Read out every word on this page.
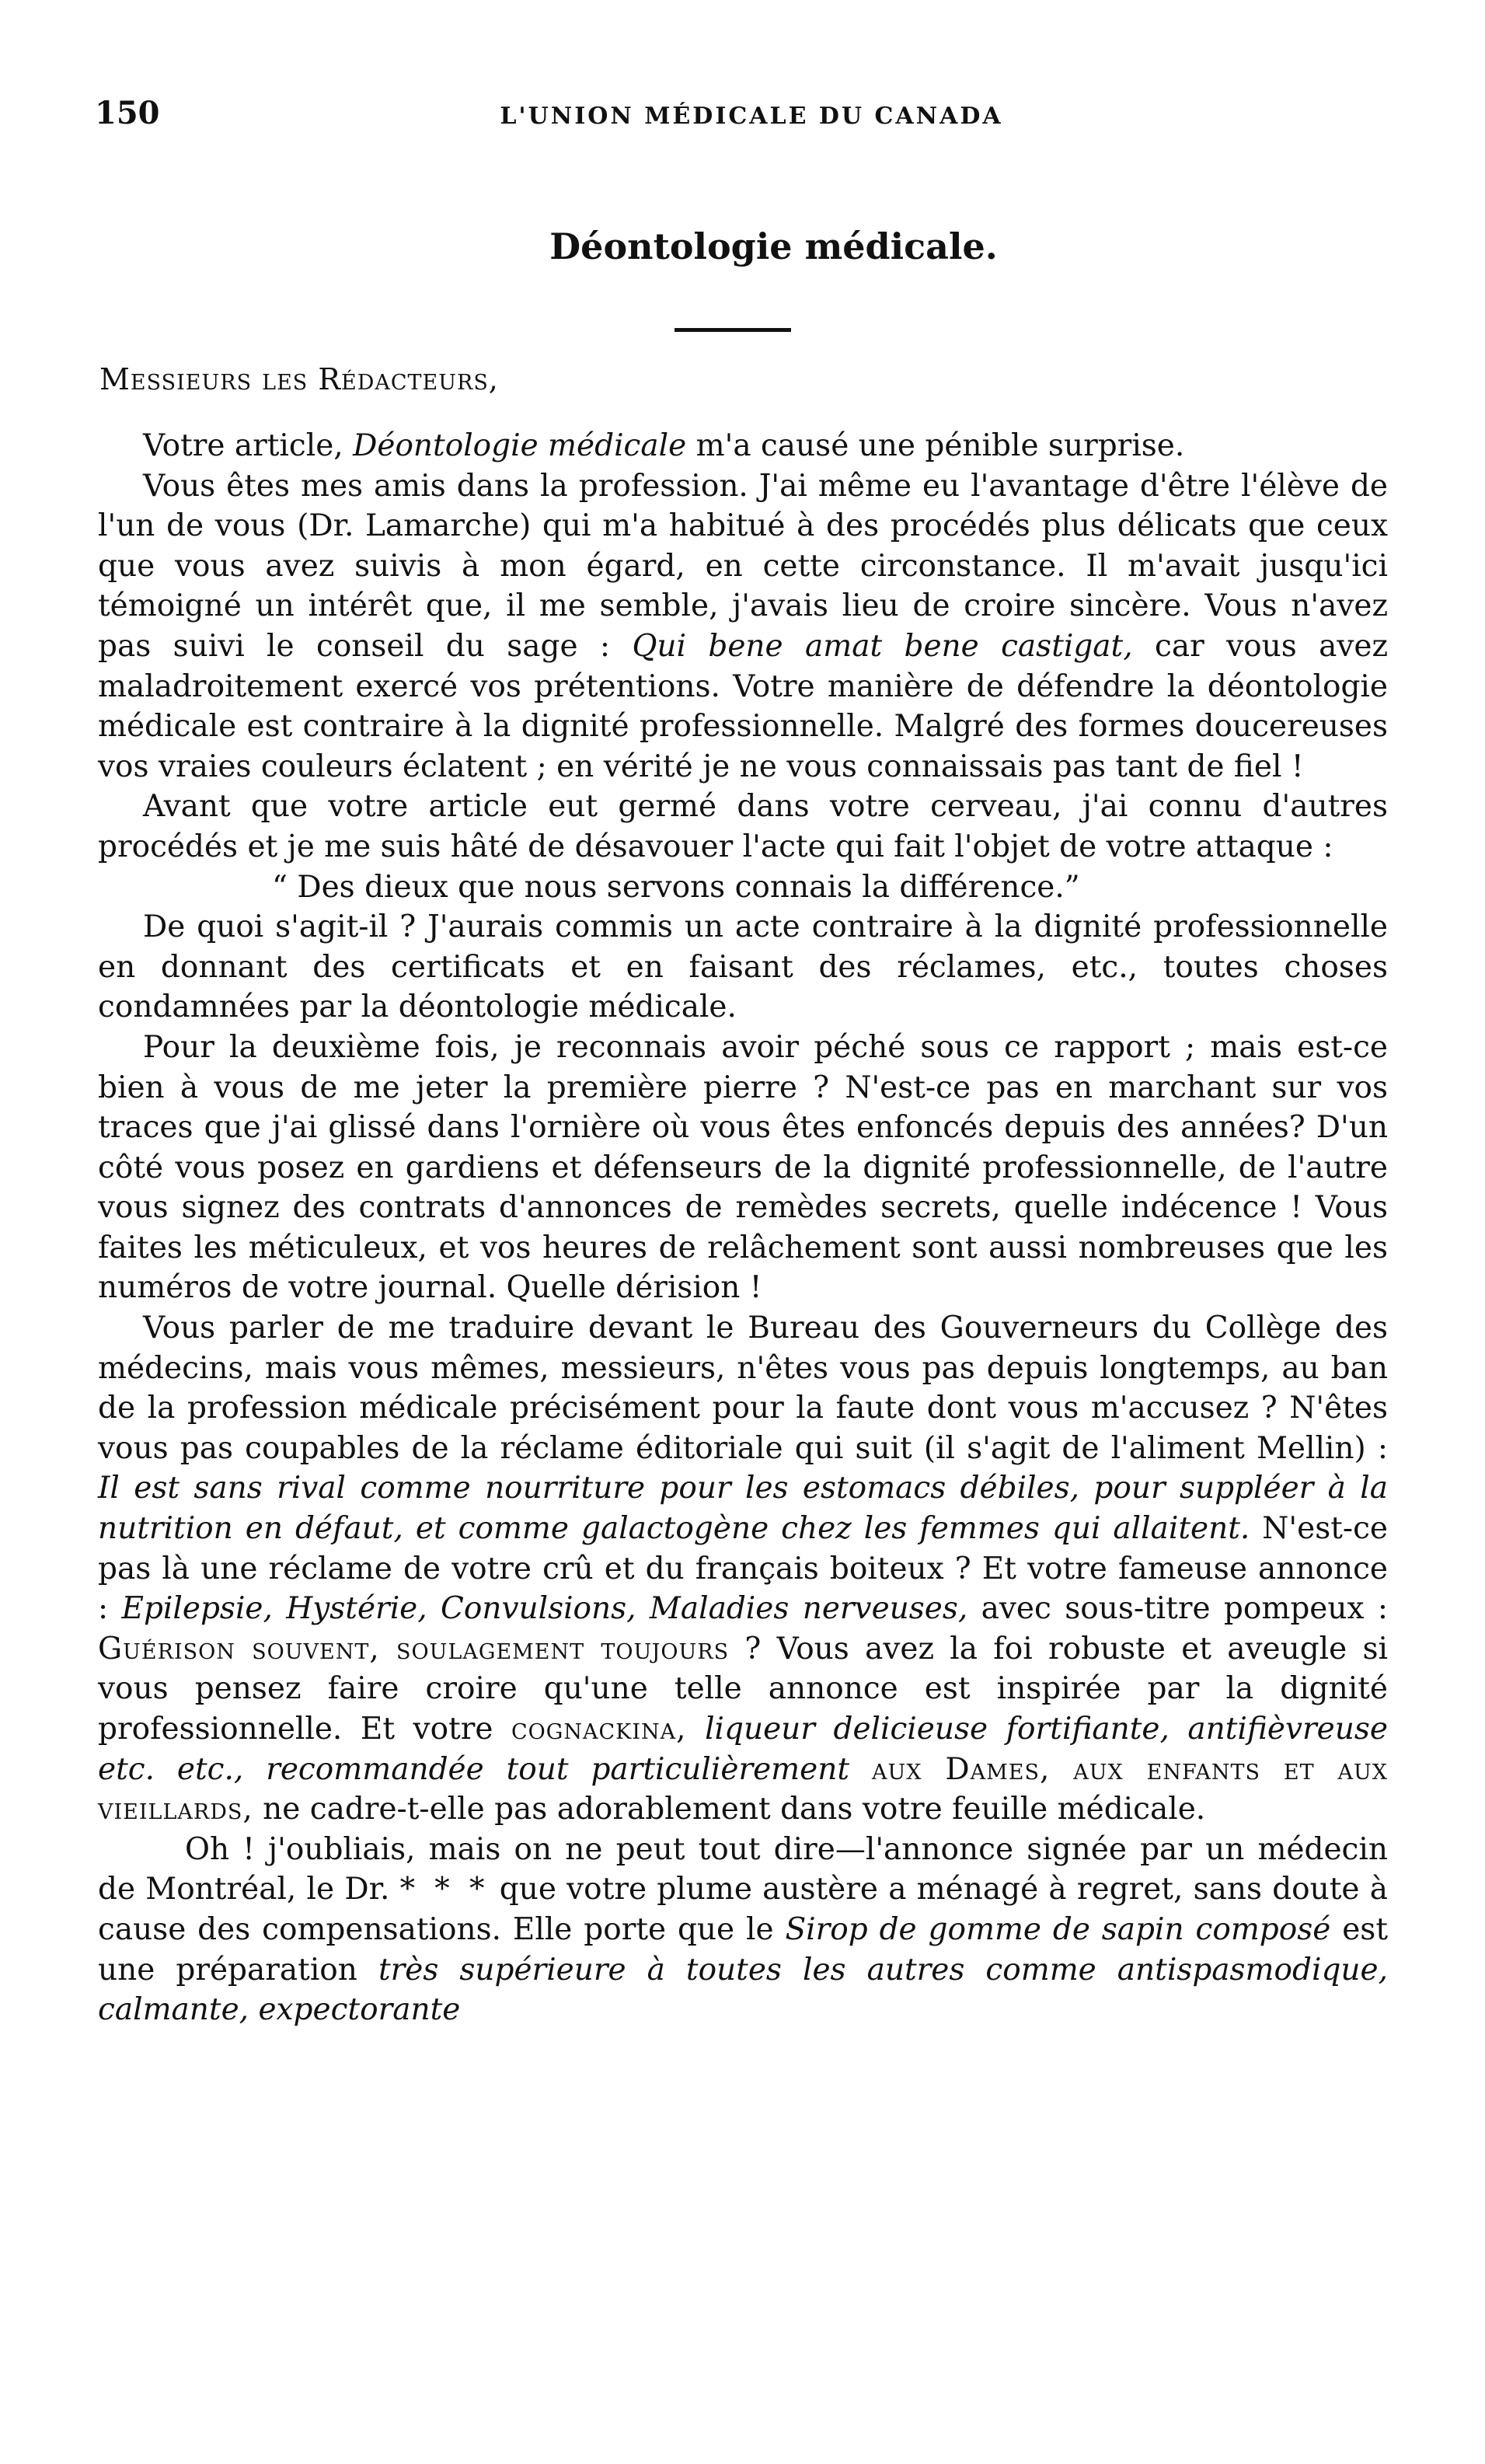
150	L'UNION MÉDICALE DU CANADA
Déontologie médicale.
Messieurs les Rédacteurs,

Votre article, Déontologie médicale m'a causé une pénible surprise.

Vous êtes mes amis dans la profession. J'ai même eu l'avantage d'être l'élève de l'un de vous (Dr. Lamarche) qui m'a habitué à des procédés plus délicats que ceux que vous avez suivis à mon égard, en cette circonstance. Il m'avait jusqu'ici témoigné un intérêt que, il me semble, j'avais lieu de croire sincère. Vous n'avez pas suivi le conseil du sage : Qui bene amat bene castigat, car vous avez maladroitement exercé vos prétentions. Votre manière de défendre la déontologie médicale est contraire à la dignité professionnelle. Malgré des formes doucereuses vos vraies couleurs éclatent ; en vérité je ne vous connaissais pas tant de fiel !

Avant que votre article eut germé dans votre cerveau, j'ai connu d'autres procédés et je me suis hâté de désavouer l'acte qui fait l'objet de votre attaque :

“ Des dieux que nous servons connais la différence.”

De quoi s'agit-il ? J'aurais commis un acte contraire à la dignité professionnelle en donnant des certificats et en faisant des réclames, etc., toutes choses condamnées par la déontologie médicale.

Pour la deuxième fois, je reconnais avoir péché sous ce rapport ; mais est-ce bien à vous de me jeter la première pierre ? N'est-ce pas en marchant sur vos traces que j'ai glissé dans l'ornière où vous êtes enfoncés depuis des années? D'un côté vous posez en gardiens et défenseurs de la dignité professionnelle, de l'autre vous signez des contrats d'annonces de remèdes secrets, quelle indécence ! Vous faites les méticuleux, et vos heures de relâchement sont aussi nombreuses que les numéros de votre journal. Quelle dérision !

Vous parler de me traduire devant le Bureau des Gouverneurs du Collège des médecins, mais vous mêmes, messieurs, n'êtes vous pas depuis longtemps, au ban de la profession médicale précisément pour la faute dont vous m'accusez ? N'êtes vous pas coupables de la réclame éditoriale qui suit (il s'agit de l'aliment Mellin) : Il est sans rival comme nourriture pour les estomacs débiles, pour suppléer à la nutrition en défaut, et comme galactogène chez les femmes qui allaitent. N'est-ce pas là une réclame de votre crû et du français boiteux ? Et votre fameuse annonce : Epilepsie, Hystérie, Convulsions, Maladies nerveuses, avec sous-titre pompeux : Guérison souvent, soulagement toujours ? Vous avez la foi robuste et aveugle si vous pensez faire croire qu'une telle annonce est inspirée par la dignité professionnelle. Et votre cognackina, liqueur delicieuse fortifiante, antifièvreuse etc. etc., recommandée tout particulièrement aux Dames, aux enfants et aux vieillards, ne cadre-t-elle pas adorablement dans votre feuille médicale.

Oh ! j'oubliais, mais on ne peut tout dire—l'annonce signée par un médecin de Montréal, le Dr. * * * que votre plume austère a ménagé à regret, sans doute à cause des compensations. Elle porte que le Sirop de gomme de sapin composé est une préparation très supérieure à toutes les autres comme antispasmodique, calmante, expectorante
